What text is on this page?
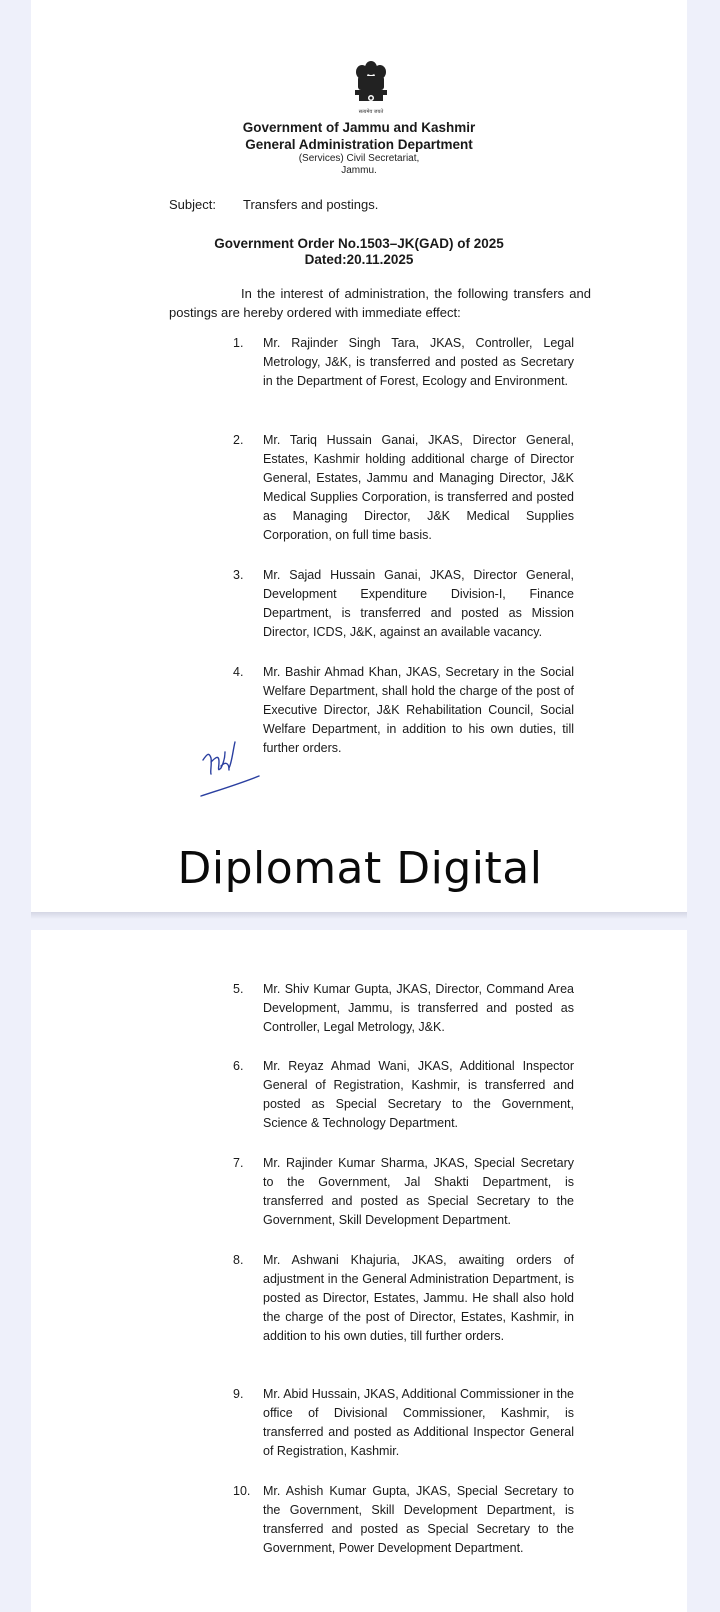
सत्यमेव जयते
Government of Jammu and Kashmir
General Administration Department
(Services) Civil Secretariat,
Jammu.
Subject: Transfers and postings.
Government Order No.1503–JK(GAD) of 2025
Dated:20.11.2025
In the interest of administration, the following transfers and postings are hereby ordered with immediate effect:
1. Mr. Rajinder Singh Tara, JKAS, Controller, Legal Metrology, J&K, is transferred and posted as Secretary in the Department of Forest, Ecology and Environment.
2. Mr. Tariq Hussain Ganai, JKAS, Director General, Estates, Kashmir holding additional charge of Director General, Estates, Jammu and Managing Director, J&K Medical Supplies Corporation, is transferred and posted as Managing Director, J&K Medical Supplies Corporation, on full time basis.
3. Mr. Sajad Hussain Ganai, JKAS, Director General, Development Expenditure Division-I, Finance Department, is transferred and posted as Mission Director, ICDS, J&K, against an available vacancy.
4. Mr. Bashir Ahmad Khan, JKAS, Secretary in the Social Welfare Department, shall hold the charge of the post of Executive Director, J&K Rehabilitation Council, Social Welfare Department, in addition to his own duties, till further orders.
5. Mr. Shiv Kumar Gupta, JKAS, Director, Command Area Development, Jammu, is transferred and posted as Controller, Legal Metrology, J&K.
6. Mr. Reyaz Ahmad Wani, JKAS, Additional Inspector General of Registration, Kashmir, is transferred and posted as Special Secretary to the Government, Science & Technology Department.
7. Mr. Rajinder Kumar Sharma, JKAS, Special Secretary to the Government, Jal Shakti Department, is transferred and posted as Special Secretary to the Government, Skill Development Department.
8. Mr. Ashwani Khajuria, JKAS, awaiting orders of adjustment in the General Administration Department, is posted as Director, Estates, Jammu. He shall also hold the charge of the post of Director, Estates, Kashmir, in addition to his own duties, till further orders.
9. Mr. Abid Hussain, JKAS, Additional Commissioner in the office of Divisional Commissioner, Kashmir, is transferred and posted as Additional Inspector General of Registration, Kashmir.
10. Mr. Ashish Kumar Gupta, JKAS, Special Secretary to the Government, Skill Development Department, is transferred and posted as Special Secretary to the Government, Power Development Department.
Diplomat Digital
